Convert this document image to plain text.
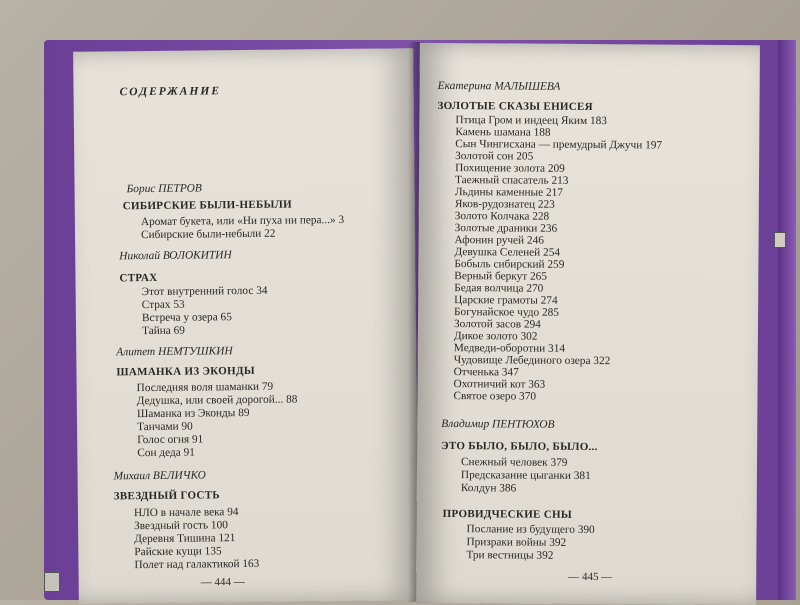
СОДЕРЖАНИЕ
Борис ПЕТРОВ
СИБИРСКИЕ БЫЛИ-НЕБЫЛИ
Аромат букета, или «Ни пуха ни пера...» 3
Сибирские были-небыли 22
Николай ВОЛОКИТИН
СТРАХ
Этот внутренний голос 34
Страх 53
Встреча у озера 65
Тайна 69
Алитет НЕМТУШКИН
ШАМАНКА ИЗ ЭКОНДЫ
Последняя воля шаманки 79
Дедушка, или своей дорогой... 88
Шаманка из Эконды 89
Танчами 90
Голос огня 91
Сон деда 91
Михаил ВЕЛИЧКО
ЗВЕЗДНЫЙ ГОСТЬ
НЛО в начале века 94
Звездный гость 100
Деревня Тишина 121
Райские кущи 135
Полет над галактикой 163
— 444 —
Екатерина МАЛЫШЕВА
ЗОЛОТЫЕ СКАЗЫ ЕНИСЕЯ
Птица Гром и индеец Яким 183
Камень шамана 188
Сын Чингисхана — премудрый Джучи 197
Золотой сон 205
Похищение золота 209
Таежный спасатель 213
Льдины каменные 217
Яков-рудознатец 223
Золото Колчака 228
Золотые драники 236
Афонин ручей 246
Девушка Селеней 254
Бобыль сибирский 259
Верный беркут 265
Бедая волчица 270
Царские грамоты 274
Богунайское чудо 285
Золотой засов 294
Дикое золото 302
Медведи-оборотни 314
Чудовище Лебединого озера 322
Отченька 347
Охотничий кот 363
Святое озеро 370
Владимир ПЕНТЮХОВ
ЭТО БЫЛО, БЫЛО, БЫЛО...
Снежный человек 379
Предсказание цыганки 381
Колдун 386
ПРОВИДЧЕСКИЕ СНЫ
Послание из будущего 390
Призраки войны 392
Три вестницы 392
— 445 —
